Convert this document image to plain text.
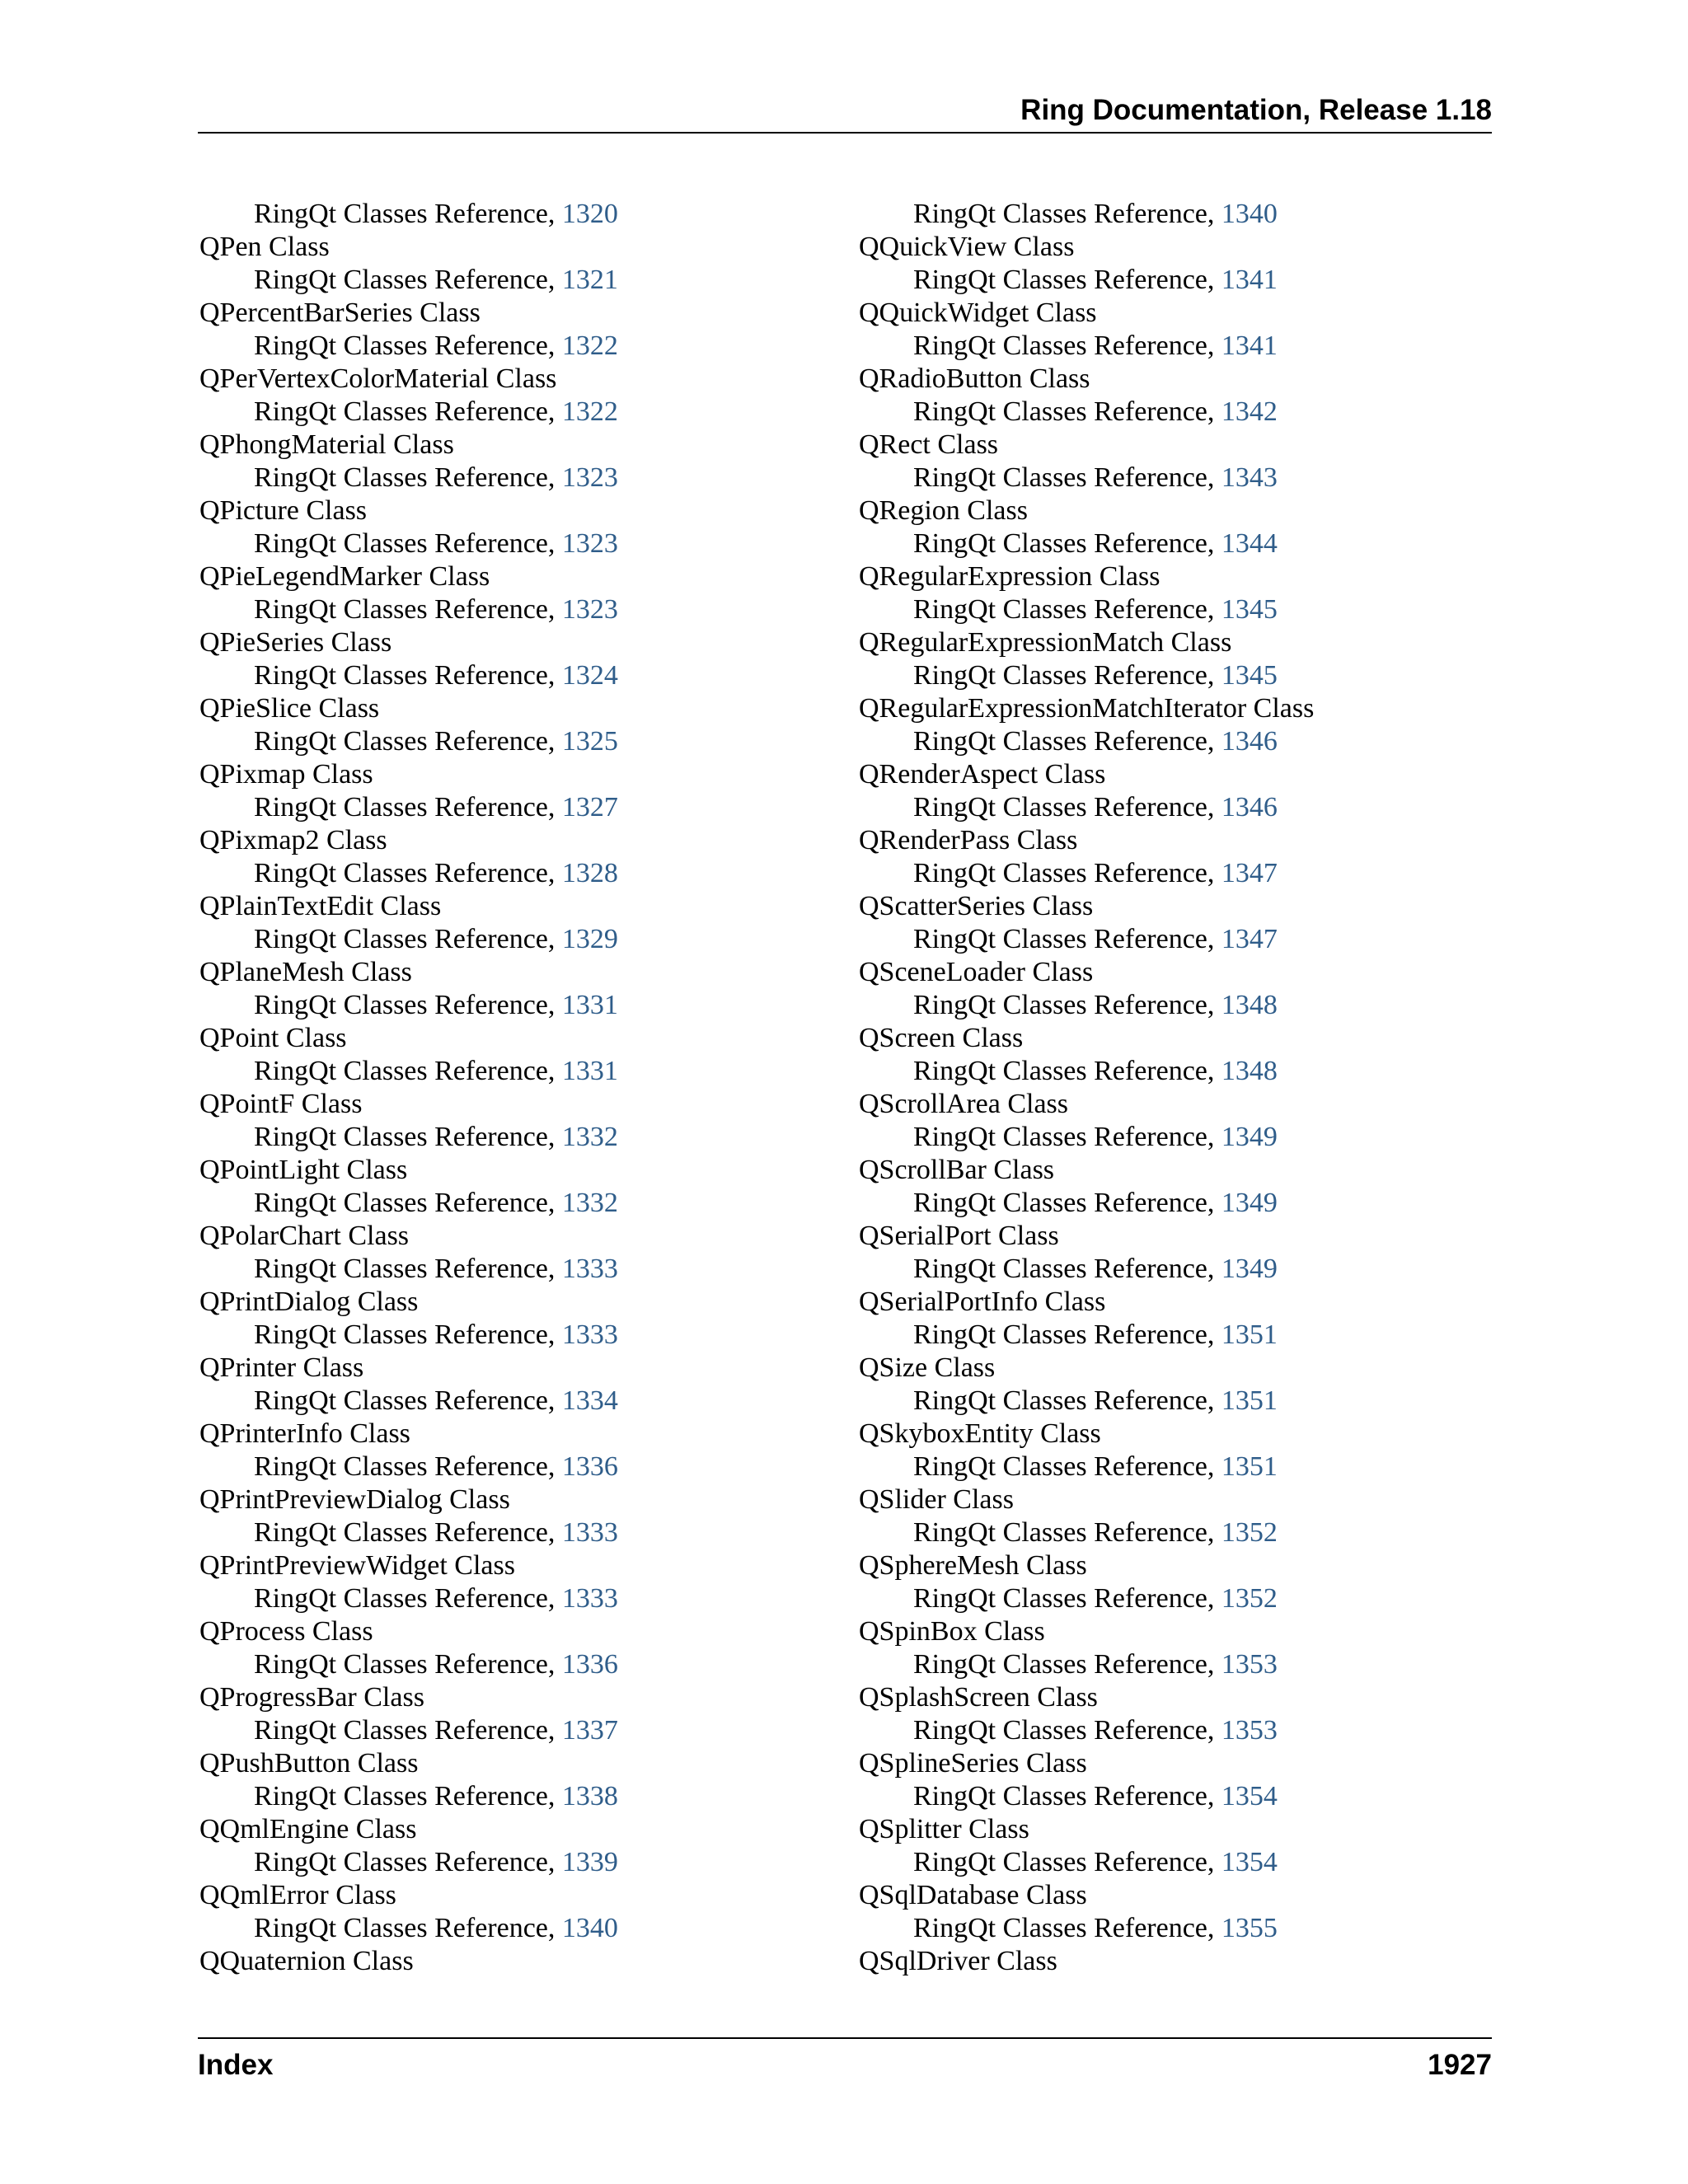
Ring Documentation, Release 1.18
RingQt Classes Reference, 1320
QPen Class
RingQt Classes Reference, 1321
QPercentBarSeries Class
RingQt Classes Reference, 1322
QPerVertexColorMaterial Class
RingQt Classes Reference, 1322
QPhongMaterial Class
RingQt Classes Reference, 1323
QPicture Class
RingQt Classes Reference, 1323
QPieLegendMarker Class
RingQt Classes Reference, 1323
QPieSeries Class
RingQt Classes Reference, 1324
QPieSlice Class
RingQt Classes Reference, 1325
QPixmap Class
RingQt Classes Reference, 1327
QPixmap2 Class
RingQt Classes Reference, 1328
QPlainTextEdit Class
RingQt Classes Reference, 1329
QPlaneMesh Class
RingQt Classes Reference, 1331
QPoint Class
RingQt Classes Reference, 1331
QPointF Class
RingQt Classes Reference, 1332
QPointLight Class
RingQt Classes Reference, 1332
QPolarChart Class
RingQt Classes Reference, 1333
QPrintDialog Class
RingQt Classes Reference, 1333
QPrinter Class
RingQt Classes Reference, 1334
QPrinterInfo Class
RingQt Classes Reference, 1336
QPrintPreviewDialog Class
RingQt Classes Reference, 1333
QPrintPreviewWidget Class
RingQt Classes Reference, 1333
QProcess Class
RingQt Classes Reference, 1336
QProgressBar Class
RingQt Classes Reference, 1337
QPushButton Class
RingQt Classes Reference, 1338
QQmlEngine Class
RingQt Classes Reference, 1339
QQmlError Class
RingQt Classes Reference, 1340
QQuaternion Class
RingQt Classes Reference, 1340
QQuickView Class
RingQt Classes Reference, 1341
QQuickWidget Class
RingQt Classes Reference, 1341
QRadioButton Class
RingQt Classes Reference, 1342
QRect Class
RingQt Classes Reference, 1343
QRegion Class
RingQt Classes Reference, 1344
QRegularExpression Class
RingQt Classes Reference, 1345
QRegularExpressionMatch Class
RingQt Classes Reference, 1345
QRegularExpressionMatchIterator Class
RingQt Classes Reference, 1346
QRenderAspect Class
RingQt Classes Reference, 1346
QRenderPass Class
RingQt Classes Reference, 1347
QScatterSeries Class
RingQt Classes Reference, 1347
QSceneLoader Class
RingQt Classes Reference, 1348
QScreen Class
RingQt Classes Reference, 1348
QScrollArea Class
RingQt Classes Reference, 1349
QScrollBar Class
RingQt Classes Reference, 1349
QSerialPort Class
RingQt Classes Reference, 1349
QSerialPortInfo Class
RingQt Classes Reference, 1351
QSize Class
RingQt Classes Reference, 1351
QSkyboxEntity Class
RingQt Classes Reference, 1351
QSlider Class
RingQt Classes Reference, 1352
QSphereMesh Class
RingQt Classes Reference, 1352
QSpinBox Class
RingQt Classes Reference, 1353
QSplashScreen Class
RingQt Classes Reference, 1353
QSplineSeries Class
RingQt Classes Reference, 1354
QSplitter Class
RingQt Classes Reference, 1354
QSqlDatabase Class
RingQt Classes Reference, 1355
QSqlDriver Class
Index	1927
